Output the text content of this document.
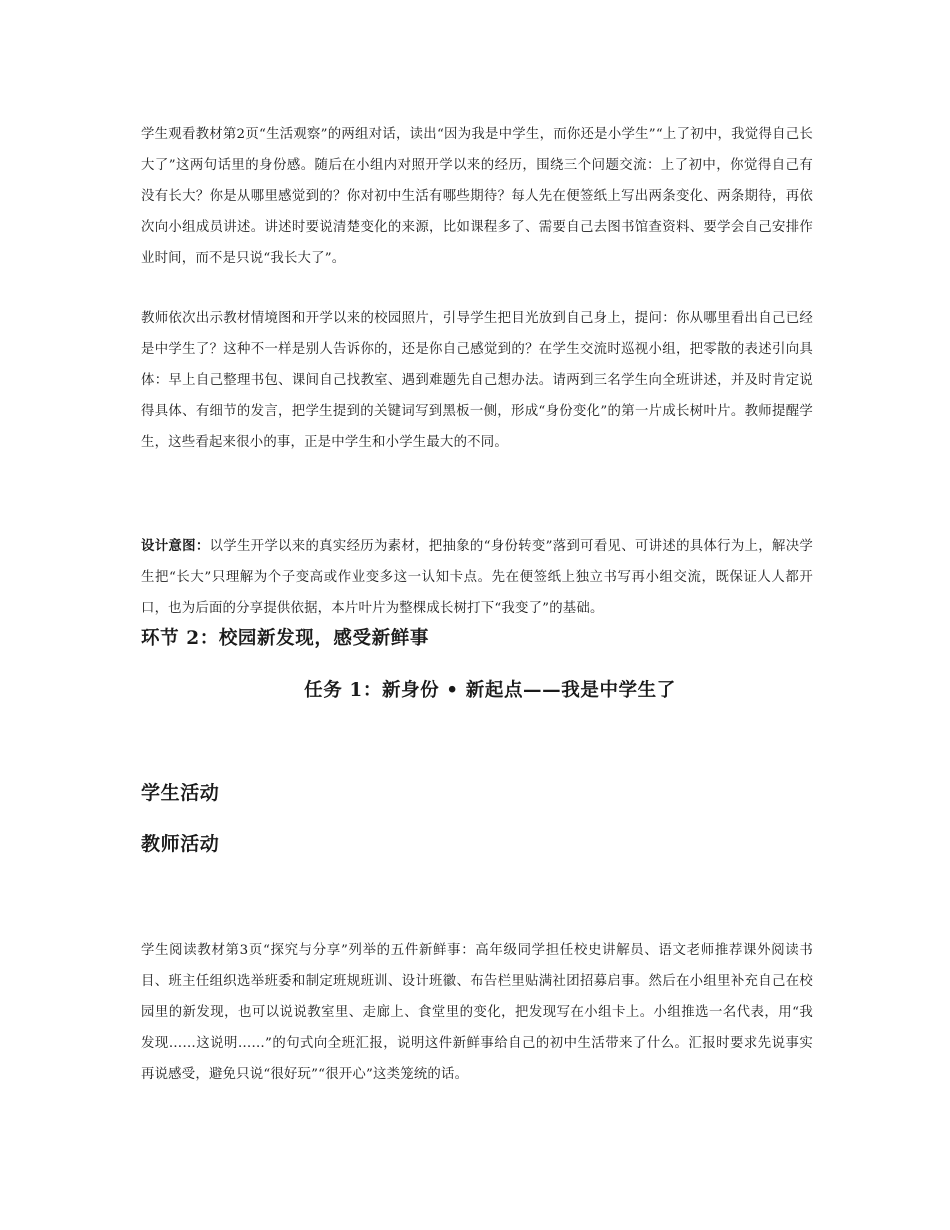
学生观看教材第2页“生活观察”的两组对话，读出“因为我是中学生，而你还是小学生”“上了初中，我觉得自己长大了”这两句话里的身份感。随后在小组内对照开学以来的经历，围绕三个问题交流：上了初中，你觉得自己有没有长大？你是从哪里感觉到的？你对初中生活有哪些期待？每人先在便签纸上写出两条变化、两条期待，再依次向小组成员讲述。讲述时要说清楚变化的来源，比如课程多了、需要自己去图书馆查资料、要学会自己安排作业时间，而不是只说“我长大了”。

教师依次出示教材情境图和开学以来的校园照片，引导学生把目光放到自己身上，提问：你从哪里看出自己已经是中学生了？这种不一样是别人告诉你的，还是你自己感觉到的？在学生交流时巡视小组，把零散的表述引向具体：早上自己整理书包、课间自己找教室、遇到难题先自己想办法。请两到三名学生向全班讲述，并及时肯定说得具体、有细节的发言，把学生提到的关键词写到黑板一侧，形成“身份变化”的第一片成长树叶片。教师提醒学生，这些看起来很小的事，正是中学生和小学生最大的不同。

设计意图：以学生开学以来的真实经历为素材，把抽象的“身份转变”落到可看见、可讲述的具体行为上，解决学生把“长大”只理解为个子变高或作业变多这一认知卡点。先在便签纸上独立书写再小组交流，既保证人人都开口，也为后面的分享提供依据，本片叶片为整棵成长树打下“我变了”的基础。

环节 2：校园新发现，感受新鲜事
任务 1：新身份 • 新起点——我是中学生了
学生活动
教师活动

学生阅读教材第3页“探究与分享”列举的五件新鲜事：高年级同学担任校史讲解员、语文老师推荐课外阅读书目、班主任组织选举班委和制定班规班训、设计班徽、布告栏里贴满社团招募启事。然后在小组里补充自己在校园里的新发现，也可以说说教室里、走廊上、食堂里的变化，把发现写在小组卡上。小组推选一名代表，用“我发现……这说明……”的句式向全班汇报，说明这件新鲜事给自己的初中生活带来了什么。汇报时要求先说事实再说感受，避免只说“很好玩”“很开心”这类笼统的话。
